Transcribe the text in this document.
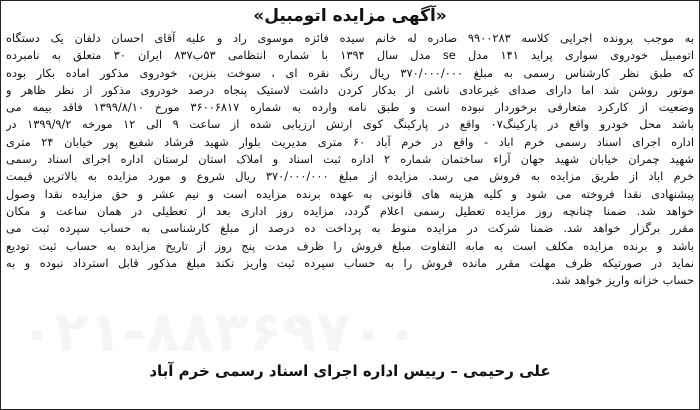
۰۲۱-۸۸۳۶۹۷۰۰
«آگهی مزایده اتومبیل»
به موجب پرونده اجرایی کلاسه ۹۹۰۰۲۸۳ صادره له خانم سیده فائزه موسوی راد و علیه آقای احسان دلفان یک دستگاه
اتومبیل خودروی سواری پراید ۱۴۱ مدل se مدل سال ۱۳۹۴ با شماره انتظامی ۵۳ب۸۳۷ ایران ۳۰ متعلق به نامبرده
که طبق نظر کارشناس رسمی به مبلغ ۳۷۰/۰۰۰/۰۰۰ ریال رنگ نقره ای ، سوخت بنزین، خودروی مذکور اماده بکار بوده
موتور روشن شد اما دارای صدای غیرعادی ناشی از بدکار کردن داشت لاستیک پنجاه درصد خودروی مذکور از نظر ظاهر و
وضعیت از کارکرد متعارفی برخوردار نبوده است و طبق نامه وارده به شماره ۳۶۰۰۶۸۱۷ مورخ ۱۳۹۹/۸/۱۰ فاقد بیمه می
باشد محل خودرو واقع در پارکینگ۰۷ واقع در پارکینگ کوی ارتش ارزیابی شده از ساعت ۹ الی ۱۲ مورخه ۱۳۹۹/۹/۲ در
اداره اجرای اسناد رسمی خرم اباد - واقع در خرم آباد ۶۰ متری مدیریت بلوار شهید فرشاد شفیع پور خیابان ۲۴ متری
شهید چمران خیابان شهید جهان آراء ساختمان شماره ۲ اداره ثبت اسناد و املاک استان لرستان اداره اجرای اسناد رسمی
خرم اباد از طریق مزایده به فروش می رسد. مزایده از مبلغ ۳۷۰/۰۰۰/۰۰۰ ریال شروع و مورد مزایده به بالاترین قیمت
پیشنهادی نقدا فروخته می شود و کلیه هزینه های قانونی به عهده برنده مزایده است و نیم عشر و حق مزایده نقدا وصول
خواهد شد. ضمنا چنانچه روز مزایده تعطیل رسمی اعلام گردد، مزایده روز اداری بعد از تعطیلی در همان ساعت و مکان
مقرر برگزار خواهد شد. ضمنا شرکت در مزایده منوط به پرداخت ده درصد از مبلغ کارشناسی به حساب سپرده ثبت می
باشد و برنده مزایده مکلف است به مابه التفاوت مبلغ فروش را ظرف مدت پنج روز از تاریخ مزایده به حساب ثبت تودیع
نماید در صورتیکه ظرف مهلت مقرر مانده فروش را به حساب سپرده ثبت واریز نکند مبلغ مذکور قابل استرداد نبوده و به
حساب خزانه واریز خواهد شد.
علی رحیمی – رییس اداره اجرای اسناد رسمی خرم آباد
